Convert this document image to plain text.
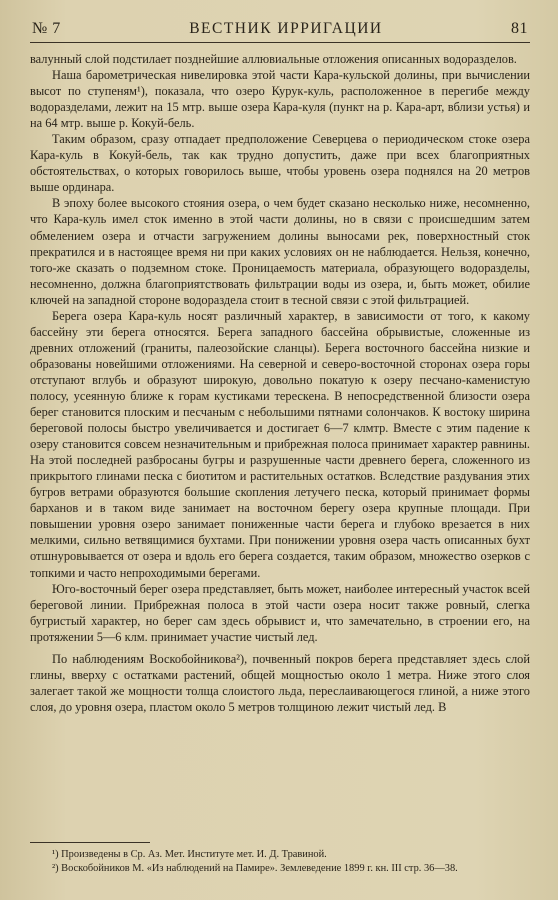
№ 7	ВЕСТНИК ИРРИГАЦИИ	81

валунный слой подстилает позднейшие аллювиальные отложения описанных водоразделов.

Наша барометрическая нивелировка этой части Кара-кульской долины, при вычислении высот по ступеням¹), показала, что озеро Курук-куль, расположенное в перегибе между водоразделами, лежит на 15 мтр. выше озера Кара-куля (пункт на р. Кара-арт, вблизи устья) и на 64 мтр. выше р. Кокуй-бель.

Таким образом, сразу отпадает предположение Северцева о периодическом стоке озера Кара-куль в Кокуй-бель, так как трудно допустить, даже при всех благоприятных обстоятельствах, о которых говорилось выше, чтобы уровень озера поднялся на 20 метров выше ординара.

В эпоху более высокого стояния озера, о чем будет сказано несколько ниже, несомненно, что Кара-куль имел сток именно в этой части долины, но в связи с происшедшим затем обмелением озера и отчасти загружением долины выносами рек, поверхностный сток прекратился и в настоящее время ни при каких условиях он не наблюдается. Нельзя, конечно, того-же сказать о подземном стоке. Проницаемость материала, образующего водоразделы, несомненно, должна благоприятствовать фильтрации воды из озера, и, быть может, обилие ключей на западной стороне водораздела стоит в тесной связи с этой фильтрацией.

Берега озера Кара-куль носят различный характер, в зависимости от того, к какому бассейну эти берега относятся. Берега западного бассейна обрывистые, сложенные из древних отложений (граниты, палеозойские сланцы). Берега восточного бассейна низкие и образованы новейшими отложениями. На северной и северо-восточной сторонах озера горы отступают вглубь и образуют широкую, довольно покатую к озеру песчано-каменистую полосу, усеянную ближе к горам кустиками терескена. В непосредственной близости озера берег становится плоским и песчаным с небольшими пятнами солончаков. К востоку ширина береговой полосы быстро увеличивается и достигает 6—7 клмтр. Вместе с этим падение к озеру становится совсем незначительным и прибрежная полоса принимает характер равнины. На этой последней разбросаны бугры и разрушенные части древнего берега, сложенного из прикрытого глинами песка с биотитом и растительных остатков. Вследствие раздувания этих бугров ветрами образуются большие скопления летучего песка, который принимает формы барханов и в таком виде занимает на восточном берегу озера крупные площади. При повышении уровня озеро занимает пониженные части берега и глубоко врезается в них мелкими, сильно ветвящимися бухтами. При понижении уровня озера часть описанных бухт отшнуровывается от озера и вдоль его берега создается, таким образом, множество озерков с топкими и часто непроходимыми берегами.

Юго-восточный берег озера представляет, быть может, наиболее интересный участок всей береговой линии. Прибрежная полоса в этой части озера носит также ровный, слегка бугристый характер, но берег сам здесь обрывист и, что замечательно, в строении его, на протяжении 5—6 клм. принимает участие чистый лед.

По наблюдениям Воскобойникова²), почвенный покров берега представляет здесь слой глины, вверху с остатками растений, общей мощностью около 1 метра. Ниже этого слоя залегает такой же мощности толща слоистого льда, переслаивающегося глиной, а ниже этого слоя, до уровня озера, пластом около 5 метров толщиною лежит чистый лед. В

¹) Произведены в Ср. Аз. Мет. Институте мет. И. Д. Травиной.
²) Воскобойников М. «Из наблюдений на Памире». Землеведение 1899 г. кн. III стр. 36—38.
